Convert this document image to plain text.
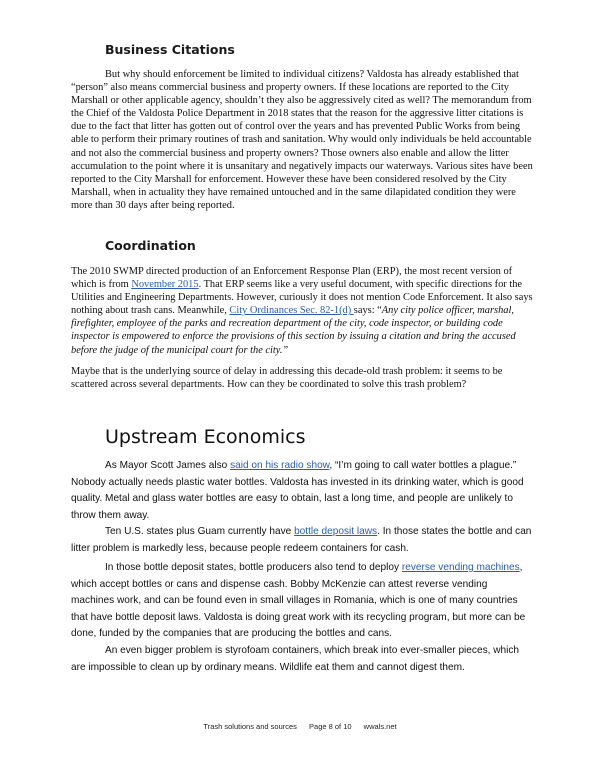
Business Citations

But why should enforcement be limited to individual citizens? Valdosta has already established that “person” also means commercial business and property owners. If these locations are reported to the City Marshall or other applicable agency, shouldn’t they also be aggressively cited as well? The memorandum from the Chief of the Valdosta Police Department in 2018 states that the reason for the aggressive litter citations is due to the fact that litter has gotten out of control over the years and has prevented Public Works from being able to perform their primary routines of trash and sanitation. Why would only individuals be held accountable and not also the commercial business and property owners? Those owners also enable and allow the litter accumulation to the point where it is unsanitary and negatively impacts our waterways. Various sites have been reported to the City Marshall for enforcement. However these have been considered resolved by the City Marshall, when in actuality they have remained untouched and in the same dilapidated condition they were more than 30 days after being reported.

Coordination

The 2010 SWMP directed production of an Enforcement Response Plan (ERP), the most recent version of which is from November 2015. That ERP seems like a very useful document, with specific directions for the Utilities and Engineering Departments. However, curiously it does not mention Code Enforcement. It also says nothing about trash cans. Meanwhile, City Ordinances Sec. 82-1(d) says: “Any city police officer, marshal, firefighter, employee of the parks and recreation department of the city, code inspector, or building code inspector is empowered to enforce the provisions of this section by issuing a citation and bring the accused before the judge of the municipal court for the city.”

Maybe that is the underlying source of delay in addressing this decade-old trash problem: it seems to be scattered across several departments. How can they be coordinated to solve this trash problem?

Upstream Economics

As Mayor Scott James also said on his radio show, “I’m going to call water bottles a plague.” Nobody actually needs plastic water bottles. Valdosta has invested in its drinking water, which is good quality. Metal and glass water bottles are easy to obtain, last a long time, and people are unlikely to throw them away.

Ten U.S. states plus Guam currently have bottle deposit laws. In those states the bottle and can litter problem is markedly less, because people redeem containers for cash.

In those bottle deposit states, bottle producers also tend to deploy reverse vending machines, which accept bottles or cans and dispense cash. Bobby McKenzie can attest reverse vending machines work, and can be found even in small villages in Romania, which is one of many countries that have bottle deposit laws. Valdosta is doing great work with its recycling program, but more can be done, funded by the companies that are producing the bottles and cans.

An even bigger problem is styrofoam containers, which break into ever-smaller pieces, which are impossible to clean up by ordinary means. Wildlife eat them and cannot digest them.

Trash solutions and sources Page 8 of 10 wwals.net
